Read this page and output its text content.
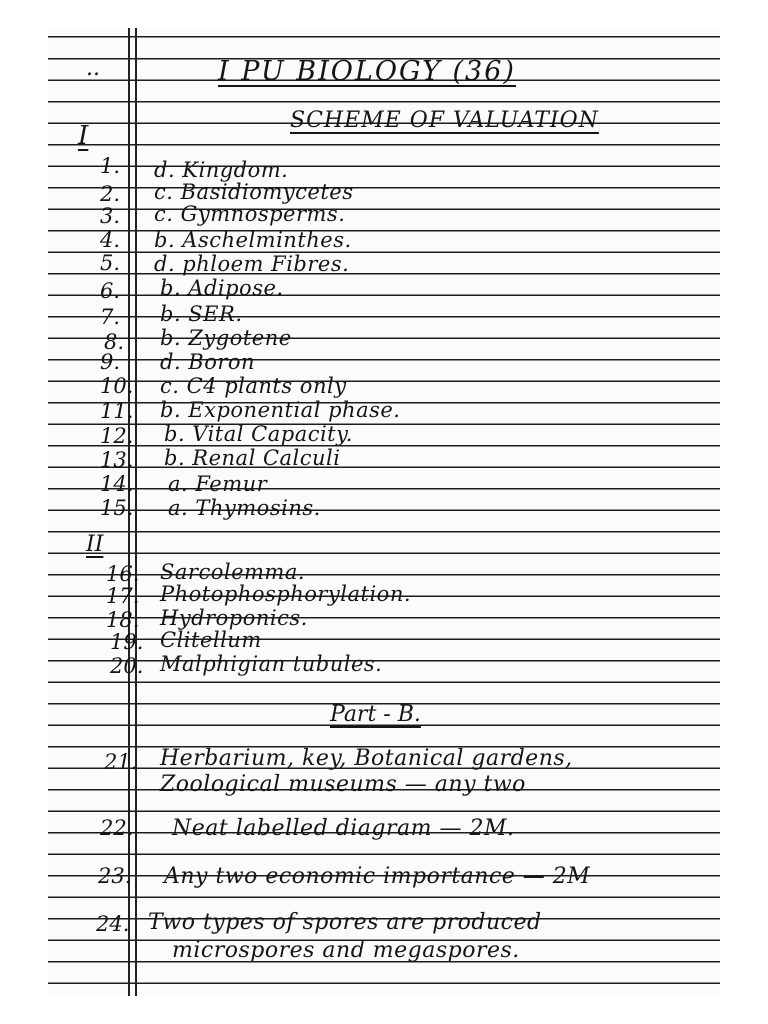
..	I PU BIOLOGY (36)
SCHEME OF VALUATION
I
1. d. Kingdom.
2. c. Basidiomycetes
3. c. Gymnosperms.
4. b. Aschelminthes.
5. d. phloem Fibres.
6. b. Adipose.
7. b. SER.
8. b. Zygotene
9. d. Boron
10. c. C4 plants only
11. b. Exponential phase.
12. b. Vital Capacity.
13. b. Renal Calculi
14. a. Femur
15. a. Thymosins.
II
16. Sarcolemma.
17. Photophosphorylation.
18. Hydroponics.
19. Clitellum
20. Malphigian tubules.
Part - B.
21. Herbarium, key, Botanical gardens,
Zoological museums — any two
22. Neat labelled diagram — 2M.
23. Any two economic importance — 2M
24. Two types of spores are produced
microspores and megaspores.
